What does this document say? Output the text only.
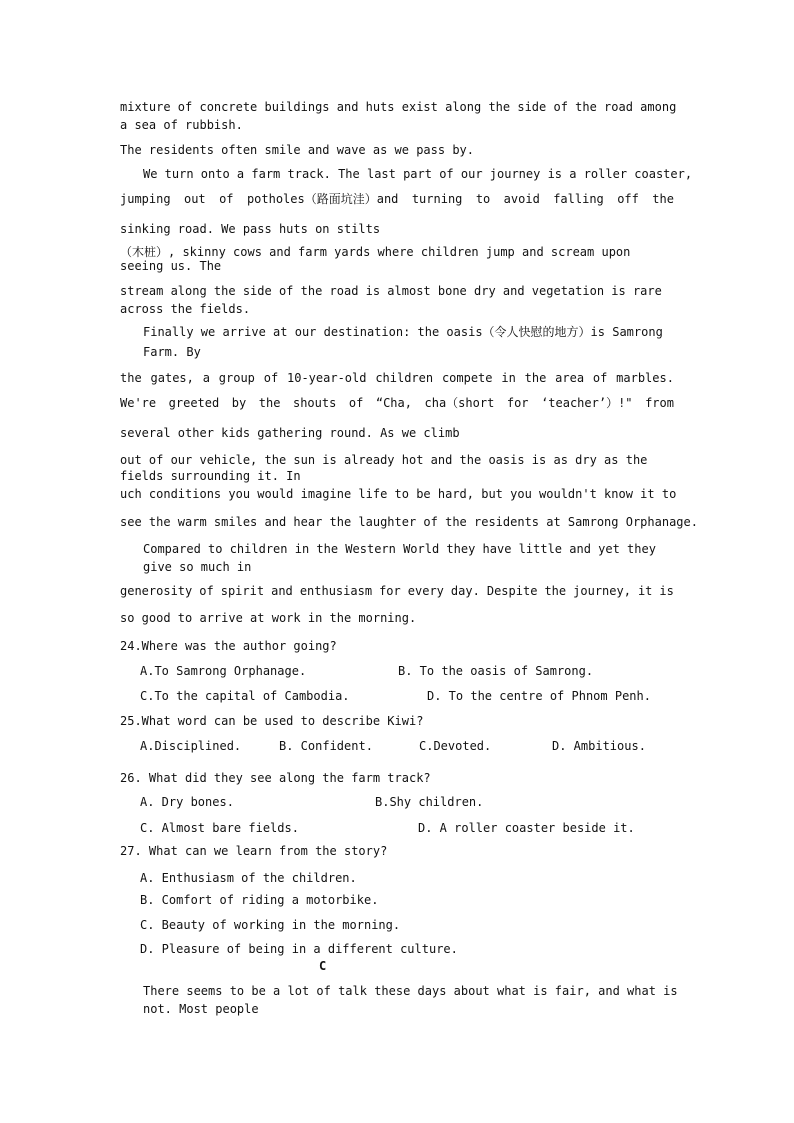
mixture of concrete buildings and huts exist along the side of the road among
a sea of rubbish.
The residents often smile and wave as we pass by.
We turn onto a farm track. The last part of our journey is a roller coaster,
jumping out of potholes（路面坑洼）and turning to avoid falling off the
sinking road. We pass huts on stilts
（木桩）, skinny cows and farm yards where children jump and scream upon
seeing us. The
stream along the side of the road is almost bone dry and vegetation is rare
across the fields.
Finally we arrive at our destination: the oasis（令人快慰的地方）is Samrong
Farm. By
the gates, a group of 10-year-old children compete in the area of marbles.
We're greeted by the shouts of “Cha, cha（short for ‘teacher’）!" from
several other kids gathering round. As we climb
out of our vehicle, the sun is already hot and the oasis is as dry as the
fields surrounding it. In
uch conditions you would imagine life to be hard, but you wouldn't know it to
see the warm smiles and hear the laughter of the residents at Samrong Orphanage.
Compared to children in the Western World they have little and yet they
give so much in
generosity of spirit and enthusiasm for every day. Despite the journey, it is
so good to arrive at work in the morning.
24.Where was the author going?
A.To Samrong Orphanage.	B. To the oasis of Samrong.
C.To the capital of Cambodia.	D. To the centre of Phnom Penh.
25.What word can be used to describe Kiwi?
A.Disciplined.	B. Confident.	C.Devoted.	D. Ambitious.
26. What did they see along the farm track?
A. Dry bones.	B.Shy children.
C. Almost bare fields.	D. A roller coaster beside it.
27. What can we learn from the story?
A. Enthusiasm of the children.
B. Comfort of riding a motorbike.
C. Beauty of working in the morning.
D. Pleasure of being in a different culture.
C
There seems to be a lot of talk these days about what is fair, and what is
not. Most people
